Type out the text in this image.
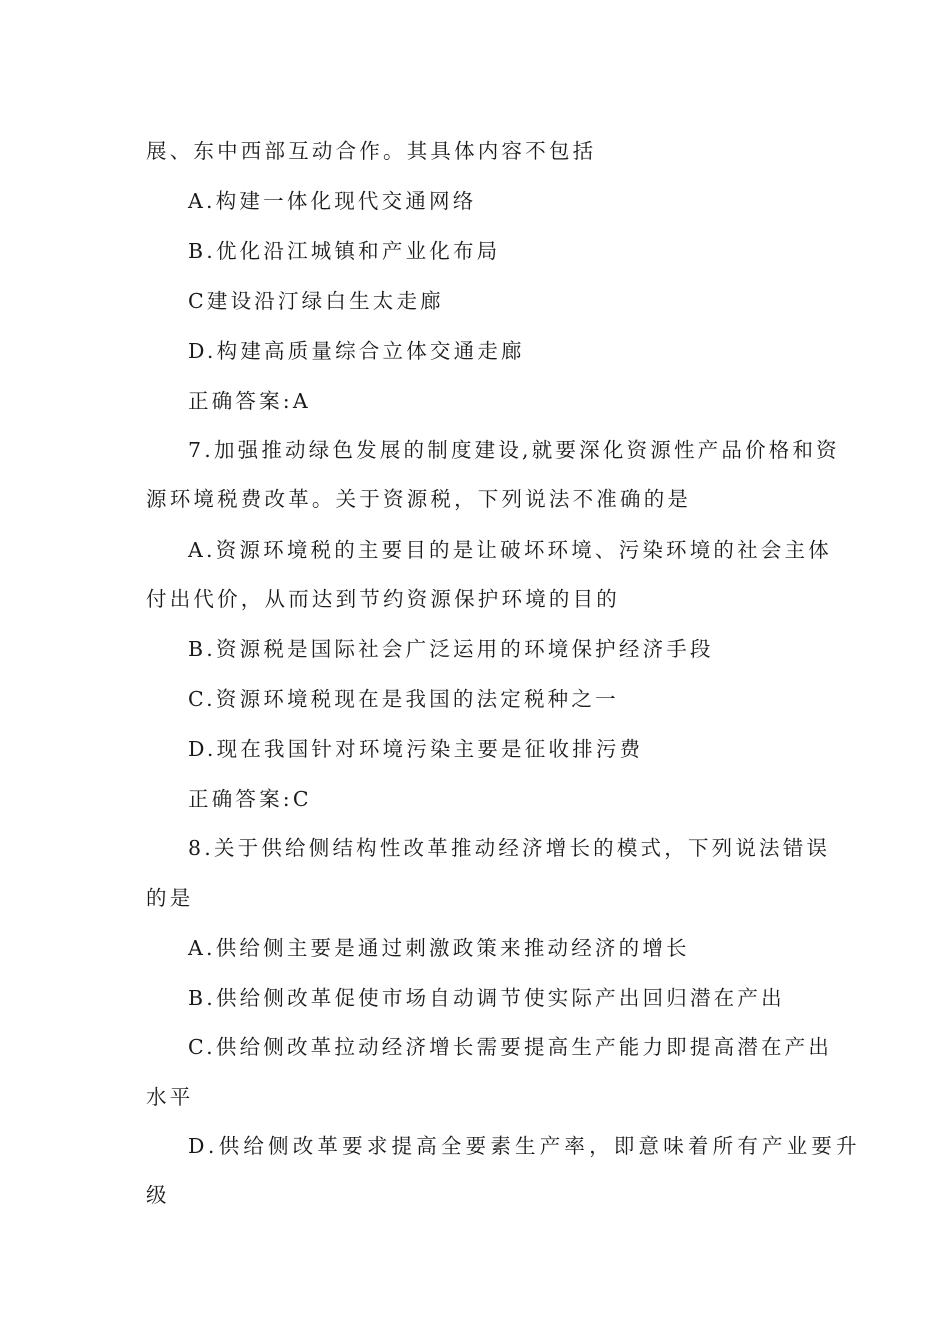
展、东中西部互动合作。其具体内容不包括
A.构建一体化现代交通网络
B.优化沿江城镇和产业化布局
C建设沿汀绿白生太走廊
D.构建高质量综合立体交通走廊
正确答案:A
7.加强推动绿色发展的制度建设,就要深化资源性产品价格和资
源环境税费改革。关于资源税，下列说法不准确的是
A.资源环境税的主要目的是让破坏环境、污染环境的社会主体
付出代价，从而达到节约资源保护环境的目的
B.资源税是国际社会广泛运用的环境保护经济手段
C.资源环境税现在是我国的法定税种之一
D.现在我国针对环境污染主要是征收排污费
正确答案:C
8.关于供给侧结构性改革推动经济增长的模式，下列说法错误
的是
A.供给侧主要是通过刺激政策来推动经济的增长
B.供给侧改革促使市场自动调节使实际产出回归潜在产出
C.供给侧改革拉动经济增长需要提高生产能力即提高潜在产出
水平
D.供给侧改革要求提高全要素生产率，即意味着所有产业要升
级
